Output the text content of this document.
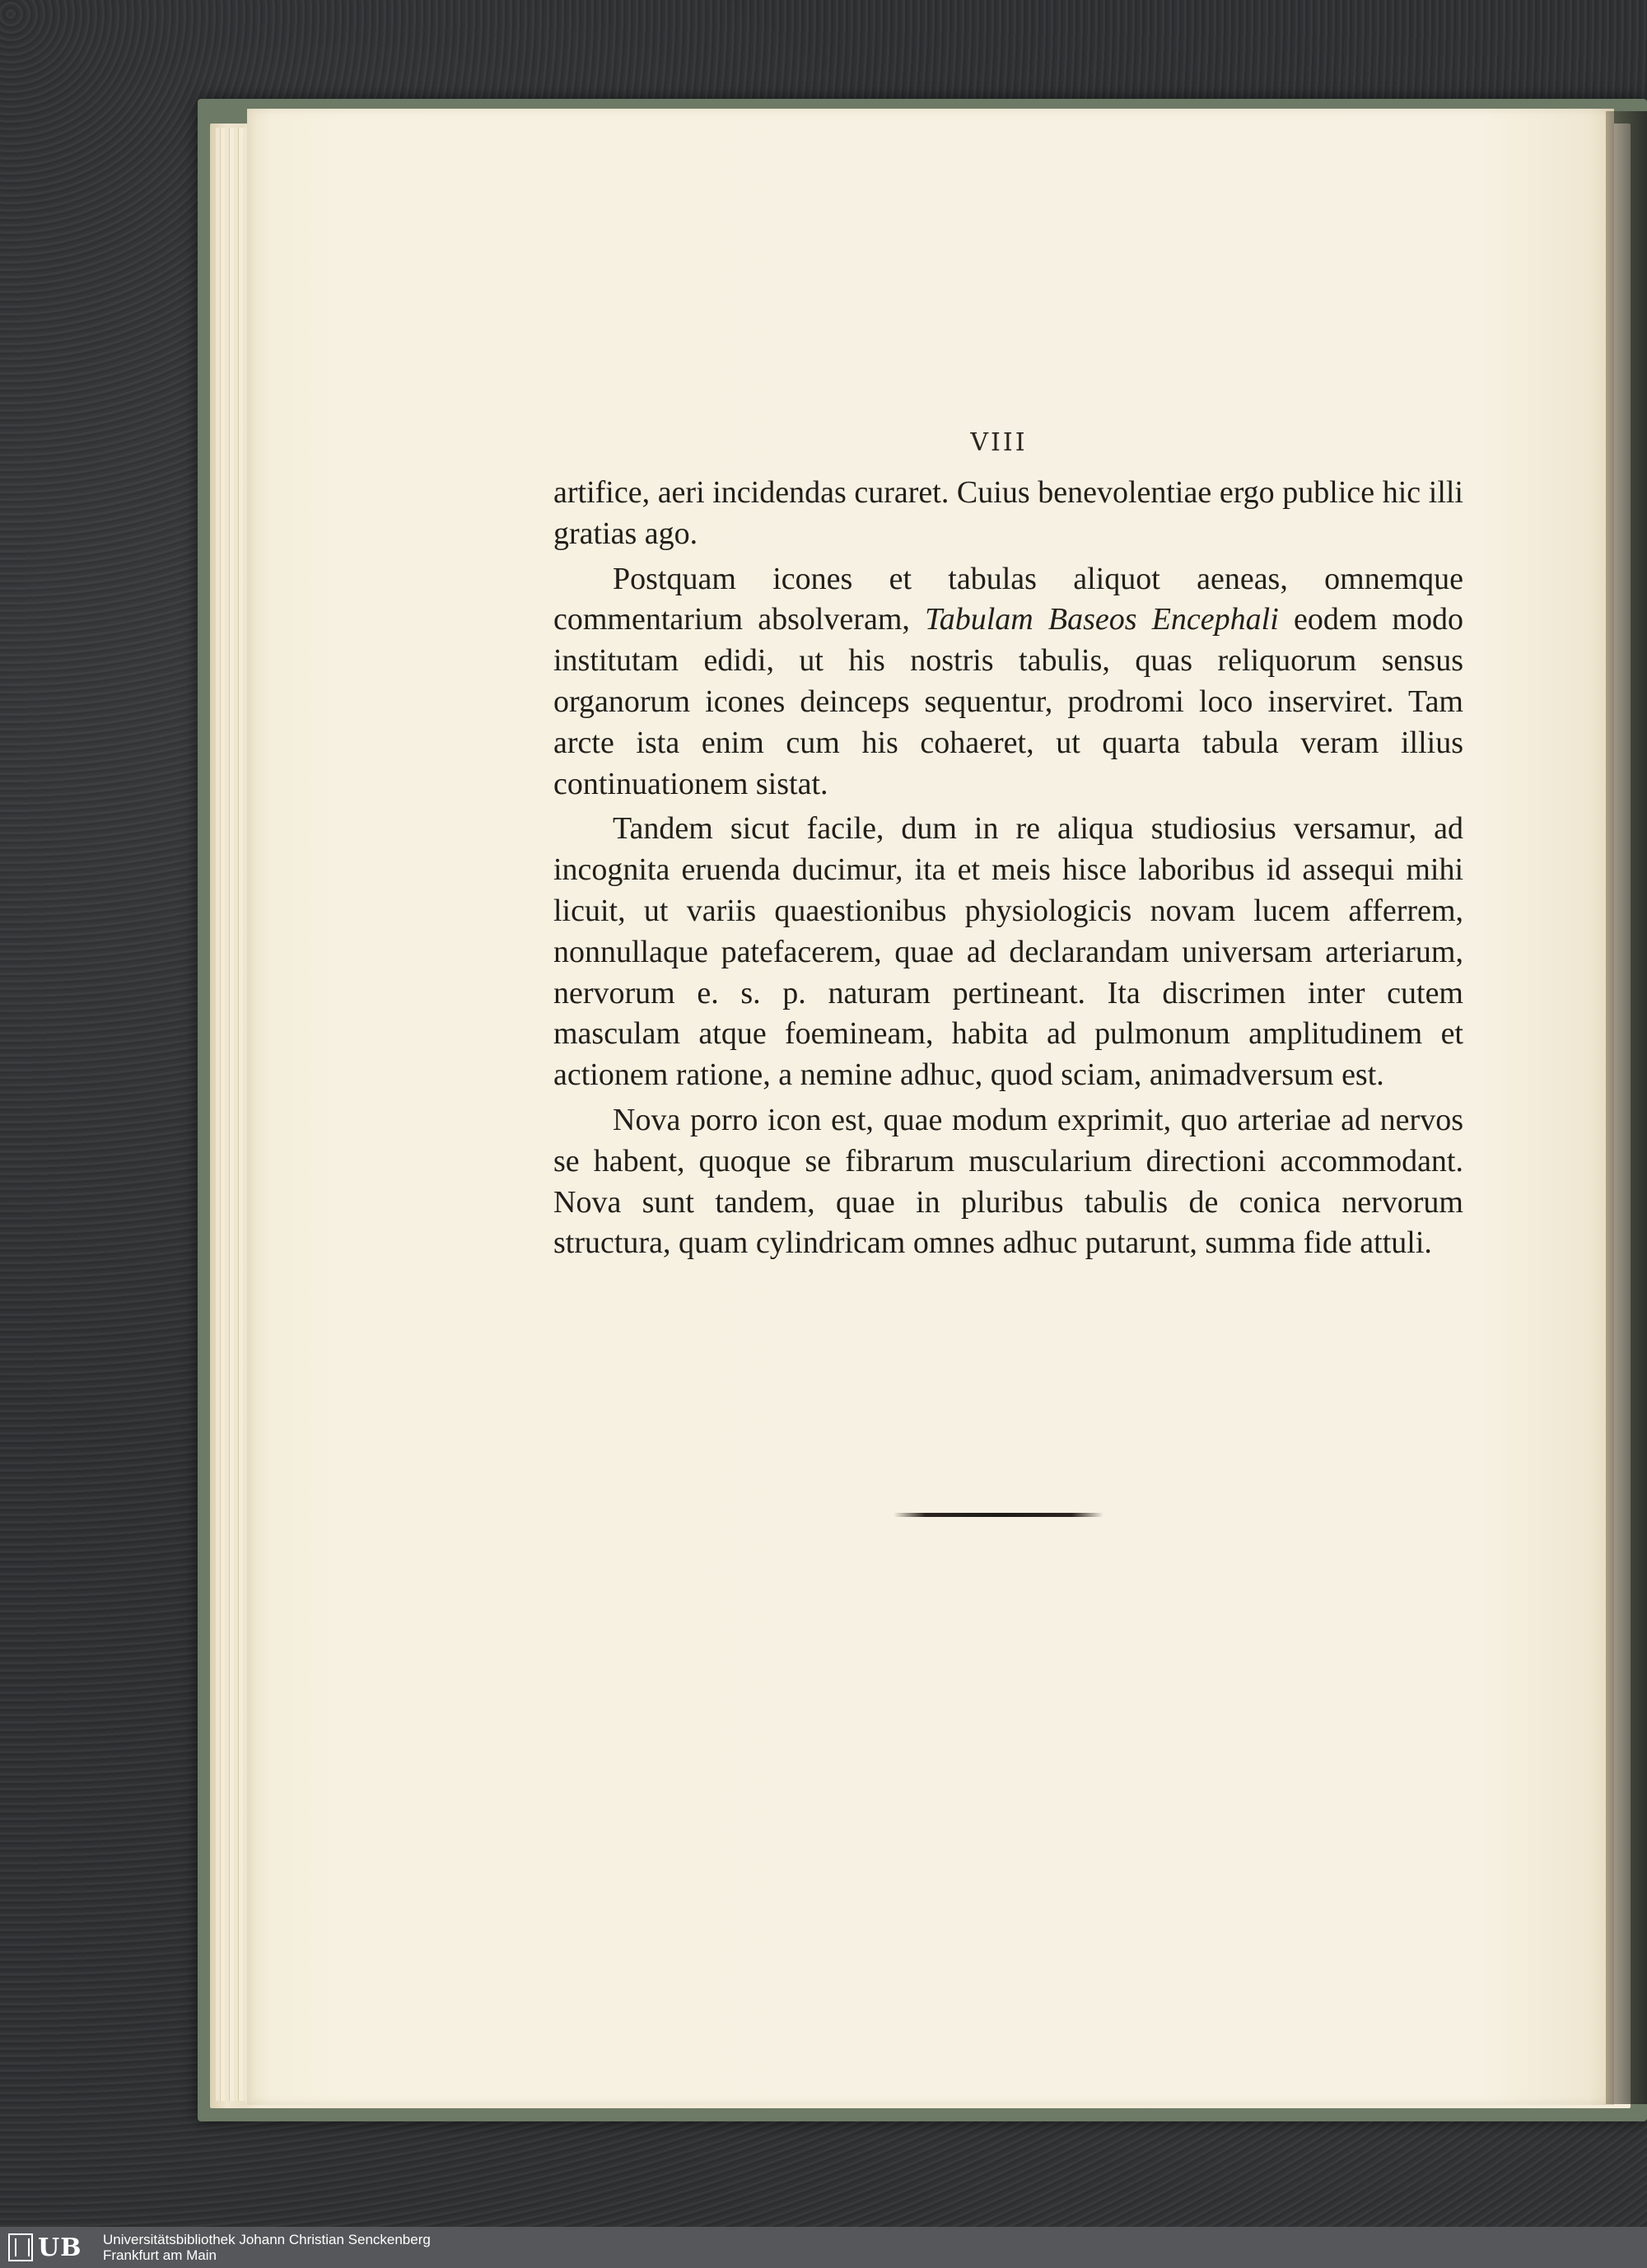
VIII

artifice, aeri incidendas curaret. Cuius benevolentiae ergo publice hic illi gratias ago.

Postquam icones et tabulas aliquot aeneas, omnemque commentarium absolveram, Tabulam Baseos Encephali eodem modo institutam edidi, ut his nostris tabulis, quas reliquorum sensus organorum icones deinceps sequentur, prodromi loco inserviret. Tam arcte ista enim cum his cohaeret, ut quarta tabula veram illius continuationem sistat.

Tandem sicut facile, dum in re aliqua studiosius versamur, ad incognita eruenda ducimur, ita et meis hisce laboribus id assequi mihi licuit, ut variis quaestionibus physiologicis novam lucem afferrem, nonnullaque patefacerem, quae ad declarandam universam arteriarum, nervorum e. s. p. naturam pertineant. Ita discrimen inter cutem masculam atque foemineam, habita ad pulmonum amplitudinem et actionem ratione, a nemine adhuc, quod sciam, animadversum est.

Nova porro icon est, quae modum exprimit, quo arteriae ad nervos se habent, quoque se fibrarum muscularium directioni accommodant. Nova sunt tandem, quae in pluribus tabulis de conica nervorum structura, quam cylindricam omnes adhuc putarunt, summa fide attuli.

UB Universitätsbibliothek Johann Christian Senckenberg
Frankfurt am Main
